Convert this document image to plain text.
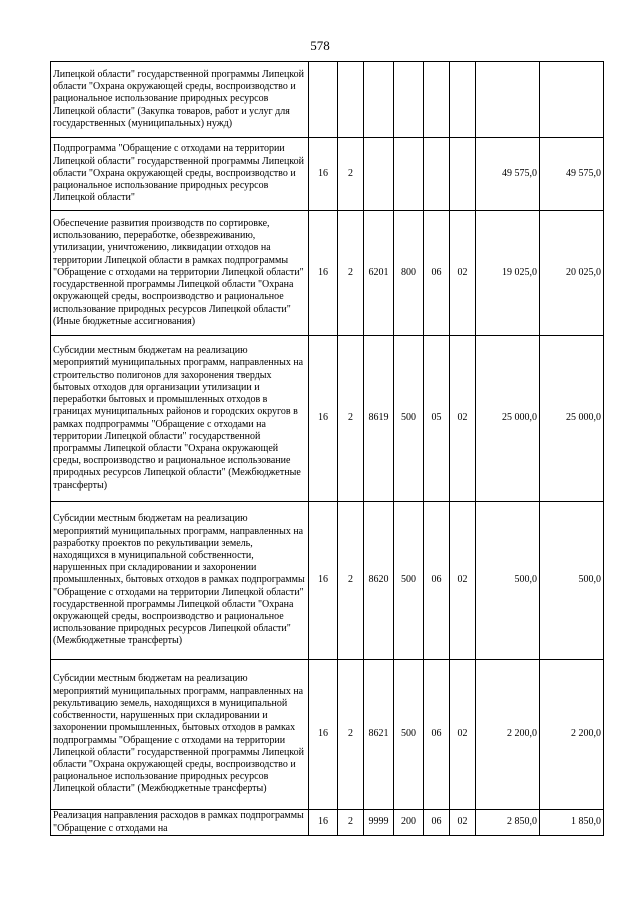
578
Липецкой области" государственной программы Липецкой области "Охрана окружающей среды, воспроизводство и рациональное использование природных ресурсов Липецкой области" (Закупка товаров, работ и услуг для государственных (муниципальных) нужд)								
Подпрограмма "Обращение с отходами на территории Липецкой области" государственной программы Липецкой области "Охрана окружающей среды, воспроизводство и рациональное использование природных ресурсов Липецкой области"	16	2					49 575,0	49 575,0
Обеспечение развития производств по сортировке, использованию, переработке, обезвреживанию, утилизации, уничтожению, ликвидации отходов на территории Липецкой области в рамках подпрограммы "Обращение с отходами на территории Липецкой области" государственной программы Липецкой области "Охрана окружающей среды, воспроизводство и рациональное использование природных ресурсов Липецкой области" (Иные бюджетные ассигнования)	16	2	6201	800	06	02	19 025,0	20 025,0
Субсидии местным бюджетам на реализацию мероприятий муниципальных программ, направленных на строительство полигонов для захоронения твердых бытовых отходов для организации утилизации и переработки бытовых и промышленных отходов в границах муниципальных районов и городских округов в рамках подпрограммы "Обращение с отходами на территории Липецкой области" государственной программы Липецкой области "Охрана окружающей среды, воспроизводство и рациональное использование природных ресурсов Липецкой области" (Межбюджетные трансферты)	16	2	8619	500	05	02	25 000,0	25 000,0
Субсидии местным бюджетам на реализацию мероприятий муниципальных программ, направленных на разработку проектов по рекультивации земель, находящихся в муниципальной собственности, нарушенных при складировании и захоронении промышленных, бытовых отходов в рамках подпрограммы "Обращение с отходами на территории Липецкой области" государственной программы Липецкой области "Охрана окружающей среды, воспроизводство и рациональное использование природных ресурсов Липецкой области" (Межбюджетные трансферты)	16	2	8620	500	06	02	500,0	500,0
Субсидии местным бюджетам на реализацию мероприятий муниципальных программ, направленных на рекультивацию земель, находящихся в муниципальной собственности, нарушенных при складировании и захоронении промышленных, бытовых отходов в рамках подпрограммы "Обращение с отходами на территории Липецкой области" государственной программы Липецкой области "Охрана окружающей среды, воспроизводство и рациональное использование природных ресурсов Липецкой области" (Межбюджетные трансферты)	16	2	8621	500	06	02	2 200,0	2 200,0
Реализация направления расходов в рамках подпрограммы "Обращение с отходами на	16	2	9999	200	06	02	2 850,0	1 850,0
